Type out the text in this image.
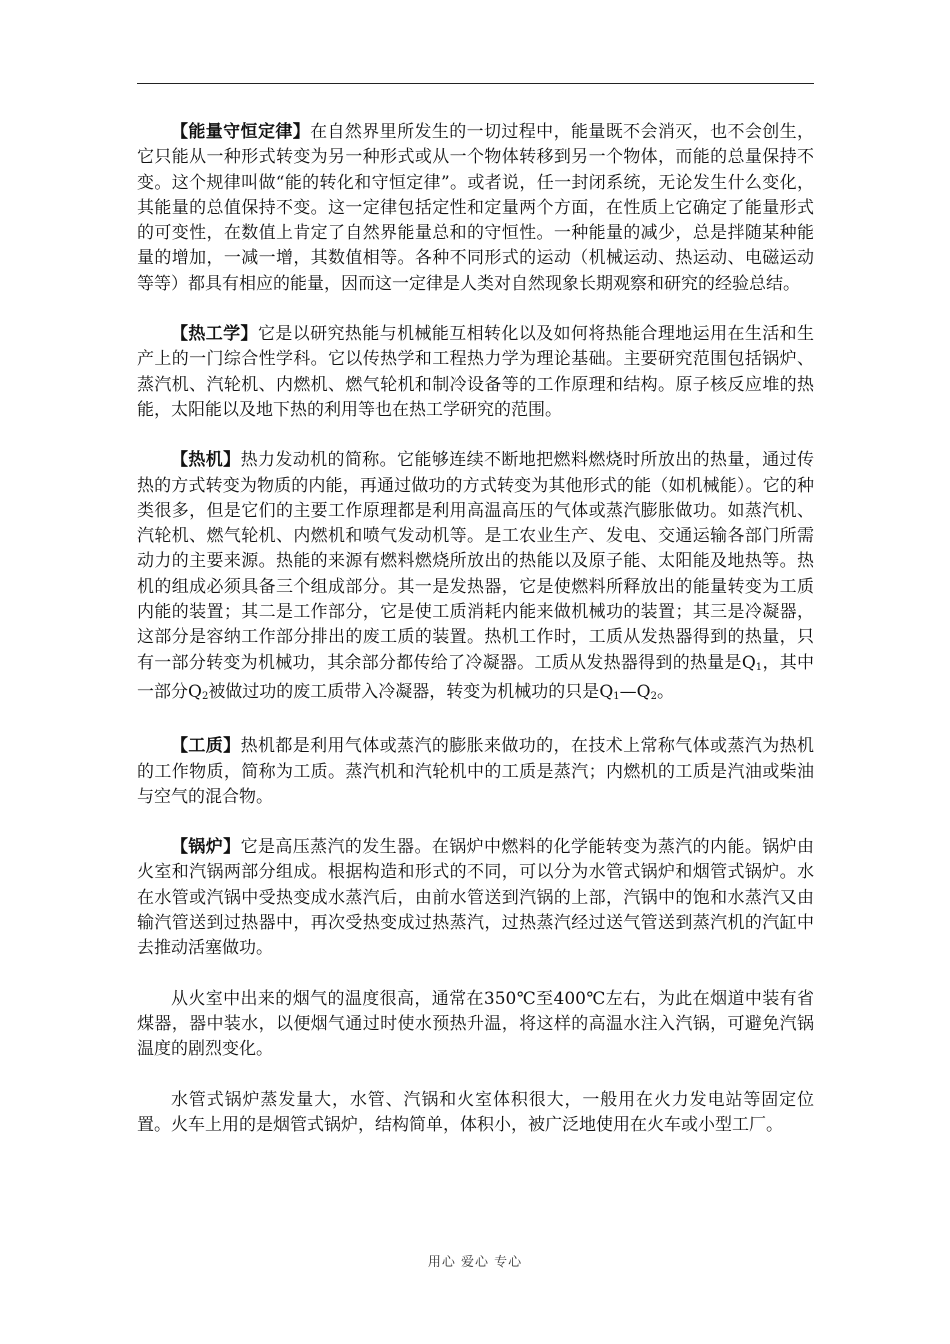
【能量守恒定律】在自然界里所发生的一切过程中，能量既不会消灭，也不会创生，它只能从一种形式转变为另一种形式或从一个物体转移到另一个物体，而能的总量保持不变。这个规律叫做“能的转化和守恒定律”。或者说，任一封闭系统，无论发生什么变化，其能量的总值保持不变。这一定律包括定性和定量两个方面，在性质上它确定了能量形式的可变性，在数值上肯定了自然界能量总和的守恒性。一种能量的减少，总是拌随某种能量的增加，一减一增，其数值相等。各种不同形式的运动（机械运动、热运动、电磁运动等等）都具有相应的能量，因而这一定律是人类对自然现象长期观察和研究的经验总结。

【热工学】它是以研究热能与机械能互相转化以及如何将热能合理地运用在生活和生产上的一门综合性学科。它以传热学和工程热力学为理论基础。主要研究范围包括锅炉、蒸汽机、汽轮机、内燃机、燃气轮机和制冷设备等的工作原理和结构。原子核反应堆的热能，太阳能以及地下热的利用等也在热工学研究的范围。

【热机】热力发动机的简称。它能够连续不断地把燃料燃烧时所放出的热量，通过传热的方式转变为物质的内能，再通过做功的方式转变为其他形式的能（如机械能）。它的种类很多，但是它们的主要工作原理都是利用高温高压的气体或蒸汽膨胀做功。如蒸汽机、汽轮机、燃气轮机、内燃机和喷气发动机等。是工农业生产、发电、交通运输各部门所需动力的主要来源。热能的来源有燃料燃烧所放出的热能以及原子能、太阳能及地热等。热机的组成必须具备三个组成部分。其一是发热器，它是使燃料所释放出的能量转变为工质内能的装置；其二是工作部分，它是使工质消耗内能来做机械功的装置；其三是冷凝器，这部分是容纳工作部分排出的废工质的装置。热机工作时，工质从发热器得到的热量，只有一部分转变为机械功，其余部分都传给了冷凝器。工质从发热器得到的热量是$Q_1$，其中一部分$Q_2$被做过功的废工质带入冷凝器，转变为机械功的只是$Q_1—Q_2$。

【工质】热机都是利用气体或蒸汽的膨胀来做功的，在技术上常称气体或蒸汽为热机的工作物质，简称为工质。蒸汽机和汽轮机中的工质是蒸汽；内燃机的工质是汽油或柴油与空气的混合物。

【锅炉】它是高压蒸汽的发生器。在锅炉中燃料的化学能转变为蒸汽的内能。锅炉由火室和汽锅两部分组成。根据构造和形式的不同，可以分为水管式锅炉和烟管式锅炉。水在水管或汽锅中受热变成水蒸汽后，由前水管送到汽锅的上部，汽锅中的饱和水蒸汽又由输汽管送到过热器中，再次受热变成过热蒸汽，过热蒸汽经过送气管送到蒸汽机的汽缸中去推动活塞做功。

从火室中出来的烟气的温度很高，通常在350℃至400℃左右，为此在烟道中装有省煤器，器中装水，以便烟气通过时使水预热升温，将这样的高温水注入汽锅，可避免汽锅温度的剧烈变化。

水管式锅炉蒸发量大，水管、汽锅和火室体积很大，一般用在火力发电站等固定位置。火车上用的是烟管式锅炉，结构简单，体积小，被广泛地使用在火车或小型工厂。

用心 爱心 专心
